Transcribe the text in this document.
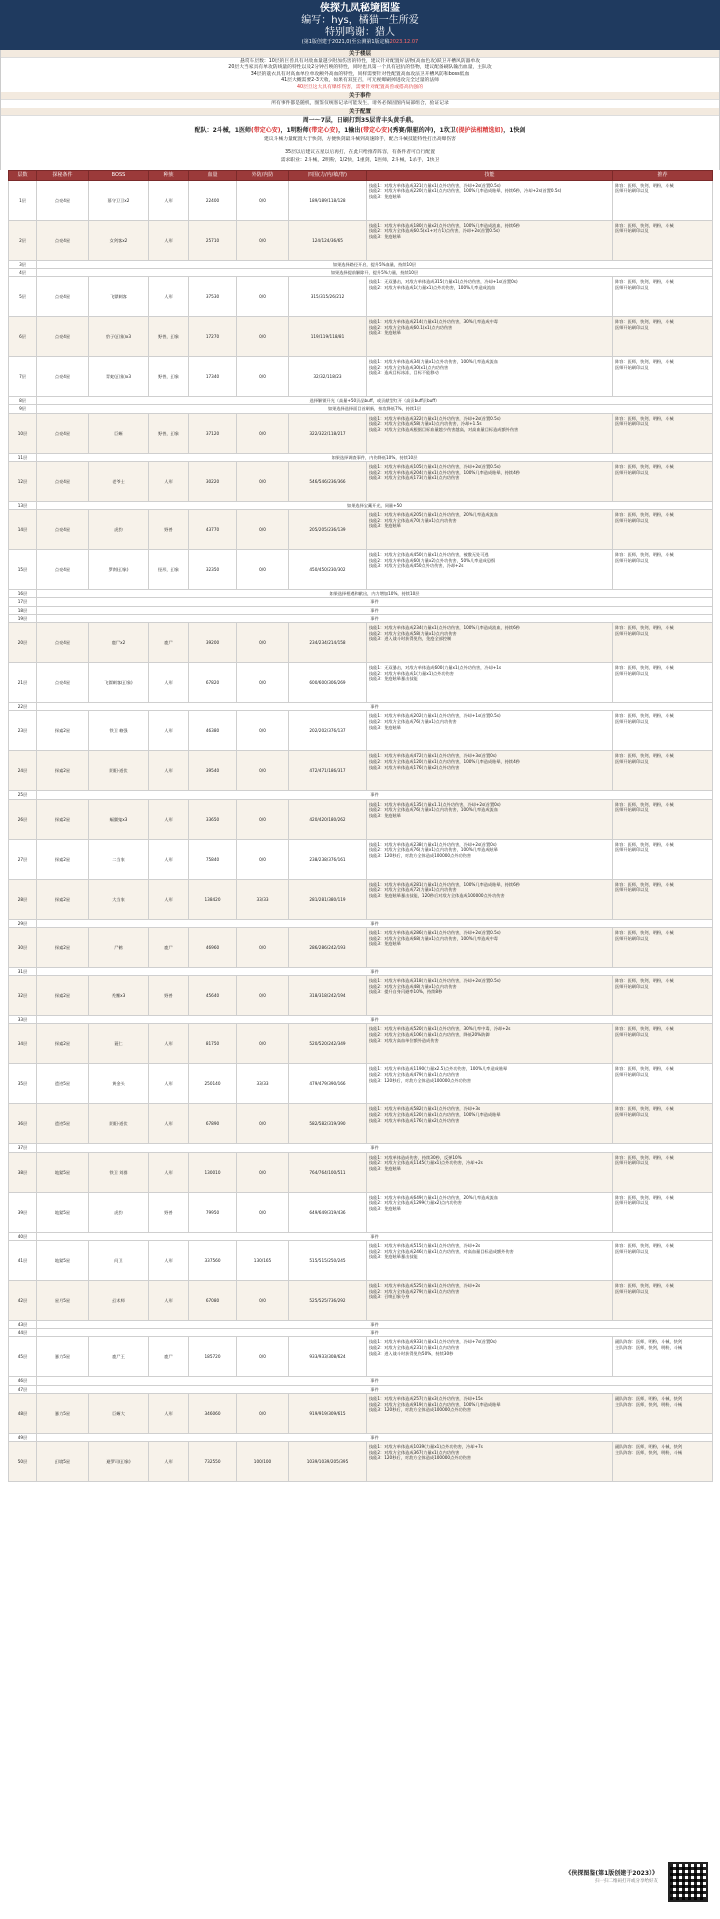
侠探九凤秘境图鉴
编写：hys，橘猫一生所爱
特别鸣谢：猎人
(第1版创建于2021,0)至公测第1版定稿2023.12.07
关于楼层
悬赏车层数：10层的巨兽具有对敌血量越少附加伤害的特性，建议针对配置好法物(高血色攻)跃卫开槽风防器单攻
20层大当家具有单攻防线量的特性以及2分钟召唤的特性，同时也具第一个具有冠抗的怪物，建议配备刷队输出血量，主队攻
34层的蓑衣具有对高血单位单攻额外高血的特性，同样需要针对性配置高血攻法卫开槽风防和boss低血
41层大概需要2-3天收，如果有双狂召，可无视爆刷掉进攻完全过量的法师
40层旦这大具有爆炸伤害，需要针对配置高兽或搭高仇强的
关于事件
所有事件都是随机，图鉴仅统客记录可能发生，请务必保固图内局部组合，验证记录
关于配置
周一～7层，日刷打到35层青丰头黄手鼎。
配队：2斗械，1医师(带定心安)，1明粉师(带定心安)，1输出(带定心安)(秀赛/限驱的冲)，1坎卫(提护法相精选如)，1快剑
建议斗械力量配置大于快剑，方便快剑最斗械到高速除手，配合斗械技能特性打出高爆伤害
35层以后建议五星以后再打，在此只给推荐阵容，有条件者可自行配置
需求职业：2斗械，2明粉，1/2快，1重剑，1医师，2斗械，1杀手，1快卫
层数	探秘条件	BOSS	种族	血量	外防/内防	四围(力/内/敏/智)	技能	推荐
1层	点亮4星	墓守卫卫x2	人形	22400	0/0	189/189/118/128	技能1：对敌方单体造成321(力量x1)点外功伤害，冷却+2s(首置0.5s)
技能2：对敌方单体造成220(力量x1)点内功伤害，100%几率造成眩晕，持续6秒，冷却+2s(首置0.5s)
技能3：免疫眩晕	阵容：医师，快剑，明粉，斗械
医师开始刷印以及

2层	点亮4星	女剑客x2	人形	25710	0/0	124/124/36/65	技能1：对敌方单体造成180(力量x2)点外功伤害，100%几率造成流血，持续6秒
技能2：对敌方全体造成60.5(x1+对方1)点伤害，冷却+2s(首置0.5s)
技能3：免疫眩晕	阵容：医师，快剑，明粉，斗械
医师开始刷印以及

3层	如果选择路径开启，提升5%血量，持续10层							
4层	如果选择提前解除开，提升5%力量，持续10层							
5层	点亮4星	飞镖刺客	人形	37530	0/0	315/315/26/212	技能1：无双暴击，对敌方单体造成315(力量x1)点外功伤害，冷却+1s(首置0s)
技能2：对敌方单体造成1(力量x1)点外功伤害，100%几率造成流血	阵容：医师，快剑，明粉，斗械
医师开始刷印以及

6层	点亮4星	豹子(幻象)x3	野兽，幻象	17270	0/0	119/119/118/81	技能1：对敌方单体造成214(力量x1)点外功伤害，30%几率造成中毒
技能2：对敌方全体造成60.1(x1)点内功伤害
技能3：免疫眩晕	阵容：医师，快剑，明粉，斗械
医师开始刷印以及

7层	点亮4星	青蛇(幻象)x3	野兽，幻象	17340	0/0	32/32/118/23	技能1：对敌方单体造成34(力量x1)点外功伤害，100%几率造成流血
技能2：对敌方全体造成30(x1)点内功伤害
技能3：造成目标冰冻，目标不能移动	阵容：医师，快剑，明粉，斗械
医师开始刷印以及

8层	选择解锁开光（高量+50贡品buff，或贡献型红开（高贡buff贡buff）							
9层	如果选择选择面目首刷新，按攻降低7%，持续1层							
10层	点亮4星	巨蜥	野兽，幻象	37120	0/0	322/322/118/217	技能1：对敌方单体造成322(力量x1)点外功伤害，冷却+2s(首置0.5s)
技能2：对敌方全体造成58(力量x1)点内功伤害，冷却+1.5s
技能3：对敌方全体造成根据目标血量越少伤害越高，对高血量目标造成额外伤害	阵容：医师，快剑，明粉，斗械
医师开始刷印以及

11层	如果选择调查事件，内伤降低10%，持续10层							
12层	点亮4星	老爷士	人形	30220	0/0	546/546/236/366	技能1：对敌方单体造成105(力量x1)点外功伤害，冷却+2s(首置0.5s)
技能2：对敌方单体造成204(力量x1)点外功伤害，100%几率造成眩晕，持续4秒
技能3：对敌方全体造成173(力量x1)点内功伤害	阵容：医师，快剑，明粉，斗械
医师开始刷印以及

13层	如果选择宝藏开光，同量+50							
14层	点亮4星	虎豹	野兽	43770	0/0	205/205/236/139	技能1：对敌方单体造成205(力量x1)点外功伤害，20%几率造成流血
技能2：对敌方全体造成70(力量x1)点内功伤害
技能3：免疫眩晕	阵容：医师，快剑，明粉，斗械
医师开始刷印以及

15层	点亮4星	罗刹(幻象)	怪形，幻象	32350	0/0	450/450/230/302	技能1：对敌方全体造成450(力量x1)点外功伤害，被散无处可逃
技能2：对敌方单体造成60(力量x2)点外功伤害，50%几率造成恐惧
技能3：对敌方全体造成450点外功伤害，冷却+2s	阵容：医师，快剑，明粉，斗械
医师开始刷印以及

16层	如果选择相遇和献出，内力增加10%，持续10层							
17层	事件							
18层	事件							
19层	事件							
20层	点亮4星	鹿尸x2	鹿尸	39200	0/0	234/234/214/158	技能1：对敌方单体造成234(力量x1)点外功伤害，100%几率造成流血，持续6秒
技能2：对敌方全体造成58(力量x1)点内功伤害
技能3：进入战斗时获得免伤，免疫全部控制	阵容：医师，快剑，明粉，斗械
医师开始刷印以及

21层	点亮4星	飞镖刺客(幻象)	人形	67820	0/0	600/600/306/269	技能1：无双暴击，对敌方单体造成600(力量x1)点外功伤害，冷却+1s
技能2：对敌方单体造成1(力量x1)点外功伤害
技能3：免疫眩晕暴击技能	阵容：医师，快剑，明粉，斗械
医师开始刷印以及

22层	事件							
23层	探索2星	铁卫 赖强	人形	46380	0/0	202/202/376/137	技能1：对敌方单体造成202(力量x1)点外功伤害，冷却+1s(首置0.5s)
技能2：对敌方全体造成76(力量x1)点内功伤害
技能3：免疫眩晕	阵容：医师，快剑，明粉，斗械
医师开始刷印以及

24层	探索2星	阴阳·道伏	人形	39540	0/0	472/471/186/317	技能1：对敌方单体造成472(力量x1)点外功伤害，冷却+3s(首置0s)
技能2：对敌方全体造成120(力量x1)点内功伤害，100%几率造成眩晕，持续4秒
技能3：对敌方单体造成176(力量x2)点外功伤害	阵容：医师，快剑，明粉，斗械
医师开始刷印以及

25层	事件							
26层	探索2星	蝠翼鬼x3	人形	33650	0/0	420/420/180/262	技能1：对敌方单体造成135(力量x1.1)点外功伤害，冷却+2s(首置0s)
技能2：对敌方全体造成76(力量x1)点内功伤害，100%几率造成流血
技能3：免疫眩晕	阵容：医师，快剑，明粉，斗械
医师开始刷印以及

27层	探索2星	二当家	人形	75840	0/0	238/238/376/161	技能1：对敌方单体造成238(力量x1)点外功伤害，冷却+2s(首置0s)
技能2：对敌方全体造成76(力量x1)点内功伤害，100%几率造成眩晕
技能3：120秒后，对敌方全体造成100000点外功伤害	阵容：医师，快剑，明粉，斗械
医师开始刷印以及

28层	探索2星	大当家	人形	138420	33/33	281/281/380/119	技能1：对敌方单体造成281(力量x1)点外功伤害，100%几率造成眩晕，持续6秒
技能2：对敌方全体造成72(力量x1)点内功伤害
技能3：免疫眩晕暴击技能，120秒后对敌方全体造成100000点外功伤害	阵容：医师，快剑，明粉，斗械
医师开始刷印以及

29层	事件							
30层	探索2星	尸鹤	鹿尸	46960	0/0	286/286/242/193	技能1：对敌方单体造成286(力量x1)点外功伤害，冷却+2s(首置0.5s)
技能2：对敌方全体造成68(力量x1)点内功伤害，100%几率造成中毒
技能3：免疫眩晕	阵容：医师，快剑，明粉，斗械
医师开始刷印以及

31层	事件							
32层	探索2星	秃鹰x3	野兽	45640	0/0	318/318/242/194	技能1：对敌方单体造成318(力量x1)点外功伤害，冷却+2s(首置0.5s)
技能2：对敌方全体造成48(力量x1)点内功伤害
技能3：提升自身闪避率10%，持续8秒	阵容：医师，快剑，明粉，斗械
医师开始刷印以及

33层	事件							
34层	探索2星	蓑仁	人形	81750	0/0	520/520/242/349	技能1：对敌方单体造成520(力量x1)点外功伤害，30%几率中毒，冷却+2s
技能2：对敌方全体造成106(力量x1)点内功伤害，降低20%防御
技能3：对敌方高血单位额外造成伤害	阵容：医师，快剑，明粉，斗械
医师开始刷印以及

35层	遗迹5星	黄金头	人形	250140	33/33	479/479/390/166	技能1：对敌方单体造成1190(力量x2.5)点外功伤害，100%几率造成眩晕
技能2：对敌方全体造成479(力量x1)点内功伤害
技能3：120秒后，对敌方全体造成100000点外功伤害	阵容：医师，快剑，明粉，斗械
医师开始刷印以及

36层	遗迹5星	阴阳·道伏	人形	67890	0/0	582/582/319/390	技能1：对敌方单体造成582(力量x1)点外功伤害，冷却+3s
技能2：对敌方全体造成120(力量x1)点内功伤害，100%几率造成眩晕
技能3：对敌方单体造成176(力量x2)点外功伤害	阵容：医师，快剑，明粉，斗械
医师开始刷印以及

37层	事件							
38层	地狱5星	铁卫 刘群	人形	130010	0/0	764/764/100/511	技能1：对敌单体造成伤害，持续30秒，反弹10%
技能2：对敌方全体造成1145(力量x1)点外功伤害，冷却+2s
技能3：免疫眩晕	阵容：医师，快剑，明粉，斗械
医师开始刷印以及

39层	地狱5星	虎豹	野兽	79950	0/0	649/649/319/436	技能1：对敌方单体造成649(力量x1)点外功伤害，20%几率造成流血
技能2：对敌方全体造成1299(力量x2)点内功伤害
技能3：免疫眩晕	阵容：医师，快剑，明粉，斗械
医师开始刷印以及

40层	事件							
41层	地狱5星	问卫	人形	337560	130/165	515/515/250/245	技能1：对敌方单体造成515(力量x1)点外功伤害，冷却+2s
技能2：对敌方全体造成246(力量x1)点内功伤害，对高血量目标造成额外伤害
技能3：免疫眩晕暴击技能	阵容：医师，快剑，明粉，斗械
医师开始刷印以及

42层	星月5星	幻术师	人形	67080	0/0	525/525/736/292	技能1：对敌方单体造成525(力量x1)点外功伤害，冷却+2s
技能2：对敌方全体造成279(力量x1)点内功伤害
技能3：召唤幻象分身	阵容：医师，快剑，明粉，斗械
医师开始刷印以及

43层	事件							
44层	事件							
45层	暴力5星	鹿尸王	鹿尸	185720	0/0	933/933/308/624	技能1：对敌方单体造成933(力量x1)点外功伤害，冷却+7s(首置0s)
技能2：对敌方全体造成231(力量x1)点内功伤害
技能3：进入战斗时获得免伤50%，持续30秒	副队阵容：医师，明粉，斗械，快剑
主队阵容：医师，快剑，明粉，斗械

46层	事件							
47层	事件							
48层	暴力5星	巨蜥大	人形	346060	0/0	919/919/309/615	技能1：对敌方单体造成257(力量x3)点外功伤害，冷却+15s
技能2：对敌方全体造成919(力量x1)点内功伤害，100%几率造成眩晕
技能3：120秒后，对敌方全体造成100000点外功伤害	副队阵容：医师，明粉，斗械，快剑
主队阵容：医师，快剑，明粉，斗械

49层	事件							
50层	幻境5星	避罗司(幻象)	人形	732550	100/100	1039/1039/205/395	技能1：对敌方单体造成1039(力量x1)点外功伤害，冷却+7s
技能2：对敌方全体造成367(力量x1)点内功伤害
技能3：120秒后，对敌方全体造成100000点外功伤害	副队阵容：医师，明粉，斗械，快剑
主队阵容：医师，快剑，明粉，斗械
《侠探图鉴(第1版创建于2023）》
扫一扫二维码打开或分享给好友
